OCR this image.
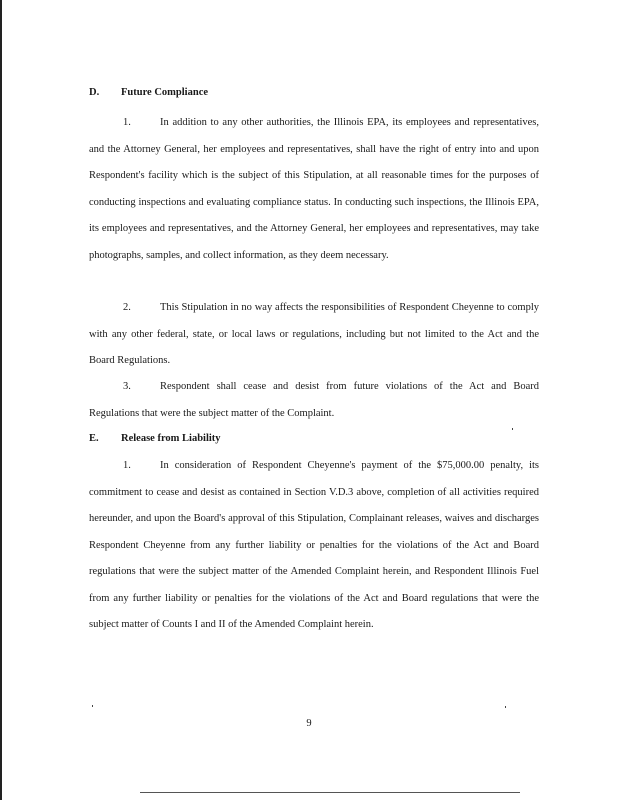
D. Future Compliance

1.	In addition to any other authorities, the Illinois EPA, its employees and representatives, and the Attorney General, her employees and representatives, shall have the right of entry into and upon Respondent's facility which is the subject of this Stipulation, at all reasonable times for the purposes of conducting inspections and evaluating compliance status. In conducting such inspections, the Illinois EPA, its employees and representatives, and the Attorney General, her employees and representatives, may take photographs, samples, and collect information, as they deem necessary.

2.	This Stipulation in no way affects the responsibilities of Respondent Cheyenne to comply with any other federal, state, or local laws or regulations, including but not limited to the Act and the Board Regulations.

3.	Respondent shall cease and desist from future violations of the Act and Board Regulations that were the subject matter of the Complaint.

E. Release from Liability

1.	In consideration of Respondent Cheyenne's payment of the $75,000.00 penalty, its commitment to cease and desist as contained in Section V.D.3 above, completion of all activities required hereunder, and upon the Board's approval of this Stipulation, Complainant releases, waives and discharges Respondent Cheyenne from any further liability or penalties for the violations of the Act and Board regulations that were the subject matter of the Amended Complaint herein, and Respondent Illinois Fuel from any further liability or penalties for the violations of the Act and Board regulations that were the subject matter of Counts I and II of the Amended Complaint herein.

9
